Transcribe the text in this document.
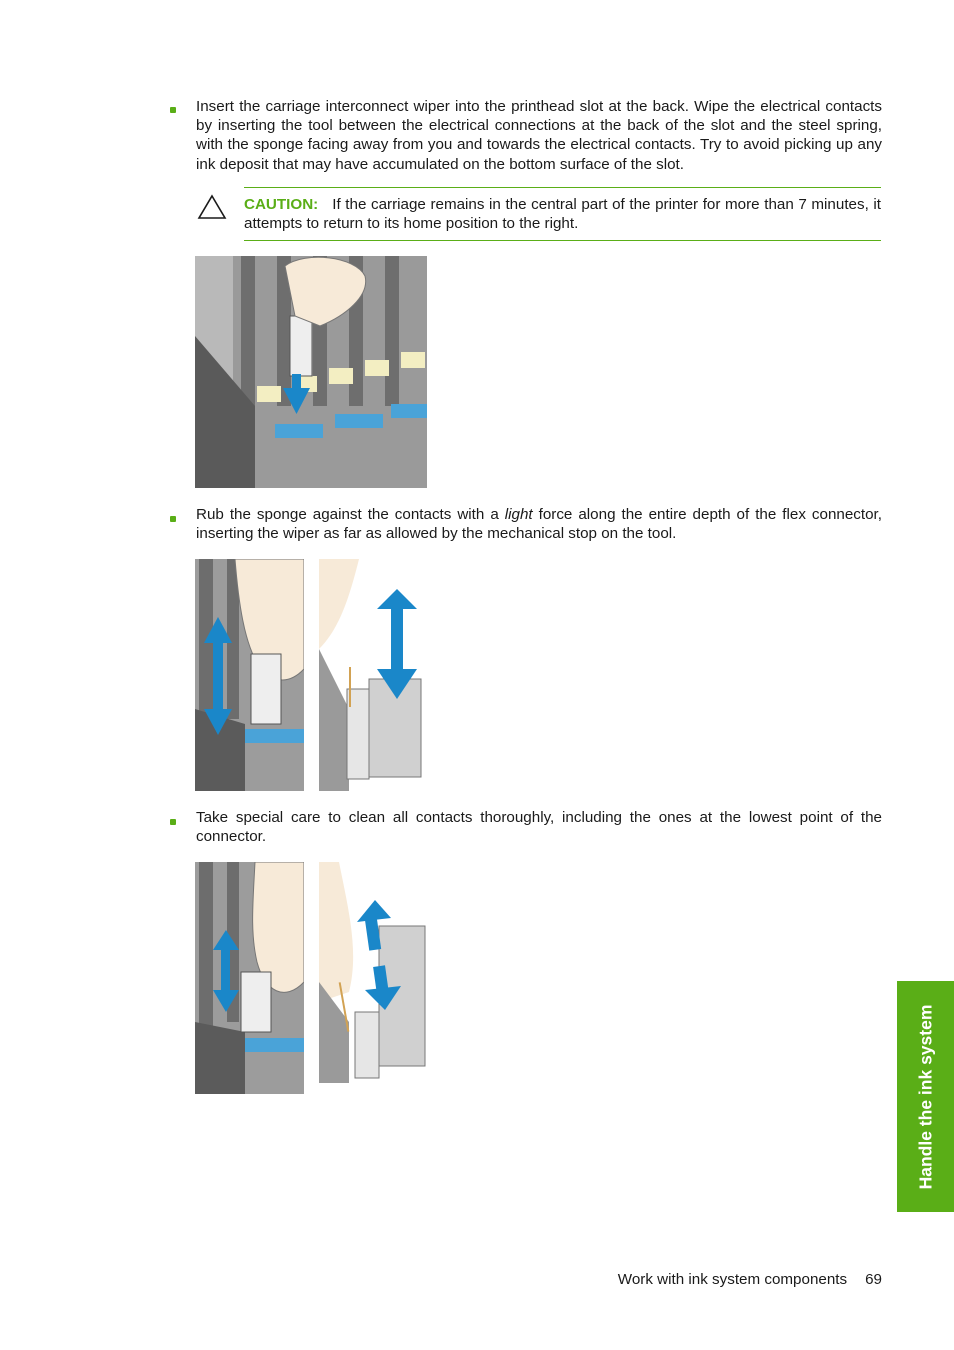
Insert the carriage interconnect wiper into the printhead slot at the back. Wipe the electrical contacts by inserting the tool between the electrical connections at the back of the slot and the steel spring, with the sponge facing away from you and towards the electrical contacts. Try to avoid picking up any ink deposit that may have accumulated on the bottom surface of the slot.
CAUTION: If the carriage remains in the central part of the printer for more than 7 minutes, it attempts to return to its home position to the right.
Rub the sponge against the contacts with a light force along the entire depth of the flex connector, inserting the wiper as far as allowed by the mechanical stop on the tool.
Take special care to clean all contacts thoroughly, including the ones at the lowest point of the connector.
Handle the ink system
Work with ink system components 69
